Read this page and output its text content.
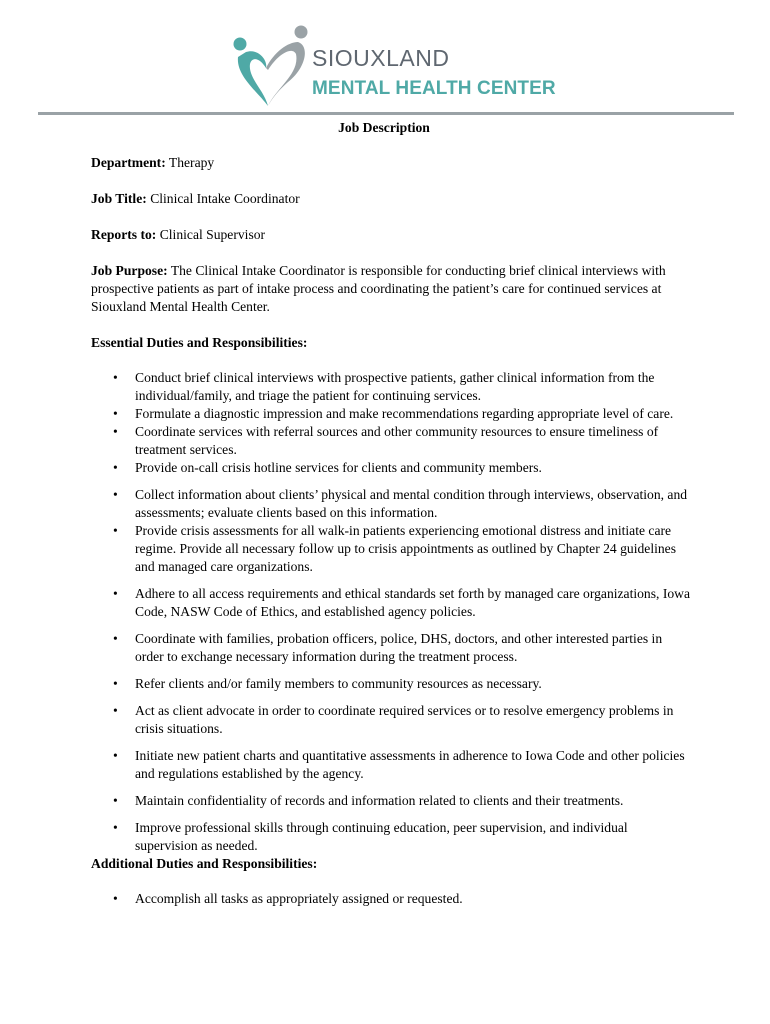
SIOUXLAND
MENTAL HEALTH CENTER
Job Description

Department: Therapy

Job Title: Clinical Intake Coordinator

Reports to: Clinical Supervisor

Job Purpose: The Clinical Intake Coordinator is responsible for conducting brief clinical interviews with prospective patients as part of intake process and coordinating the patient’s care for continued services at Siouxland Mental Health Center.

Essential Duties and Responsibilities:
• Conduct brief clinical interviews with prospective patients, gather clinical information from the individual/family, and triage the patient for continuing services.
• Formulate a diagnostic impression and make recommendations regarding appropriate level of care.
• Coordinate services with referral sources and other community resources to ensure timeliness of treatment services.
• Provide on-call crisis hotline services for clients and community members.
• Collect information about clients’ physical and mental condition through interviews, observation, and assessments; evaluate clients based on this information.
• Provide crisis assessments for all walk-in patients experiencing emotional distress and initiate care regime. Provide all necessary follow up to crisis appointments as outlined by Chapter 24 guidelines and managed care organizations.
• Adhere to all access requirements and ethical standards set forth by managed care organizations, Iowa Code, NASW Code of Ethics, and established agency policies.
• Coordinate with families, probation officers, police, DHS, doctors, and other interested parties in order to exchange necessary information during the treatment process.
• Refer clients and/or family members to community resources as necessary.
• Act as client advocate in order to coordinate required services or to resolve emergency problems in crisis situations.
• Initiate new patient charts and quantitative assessments in adherence to Iowa Code and other policies and regulations established by the agency.
• Maintain confidentiality of records and information related to clients and their treatments.
• Improve professional skills through continuing education, peer supervision, and individual supervision as needed.
Additional Duties and Responsibilities:
• Accomplish all tasks as appropriately assigned or requested.
